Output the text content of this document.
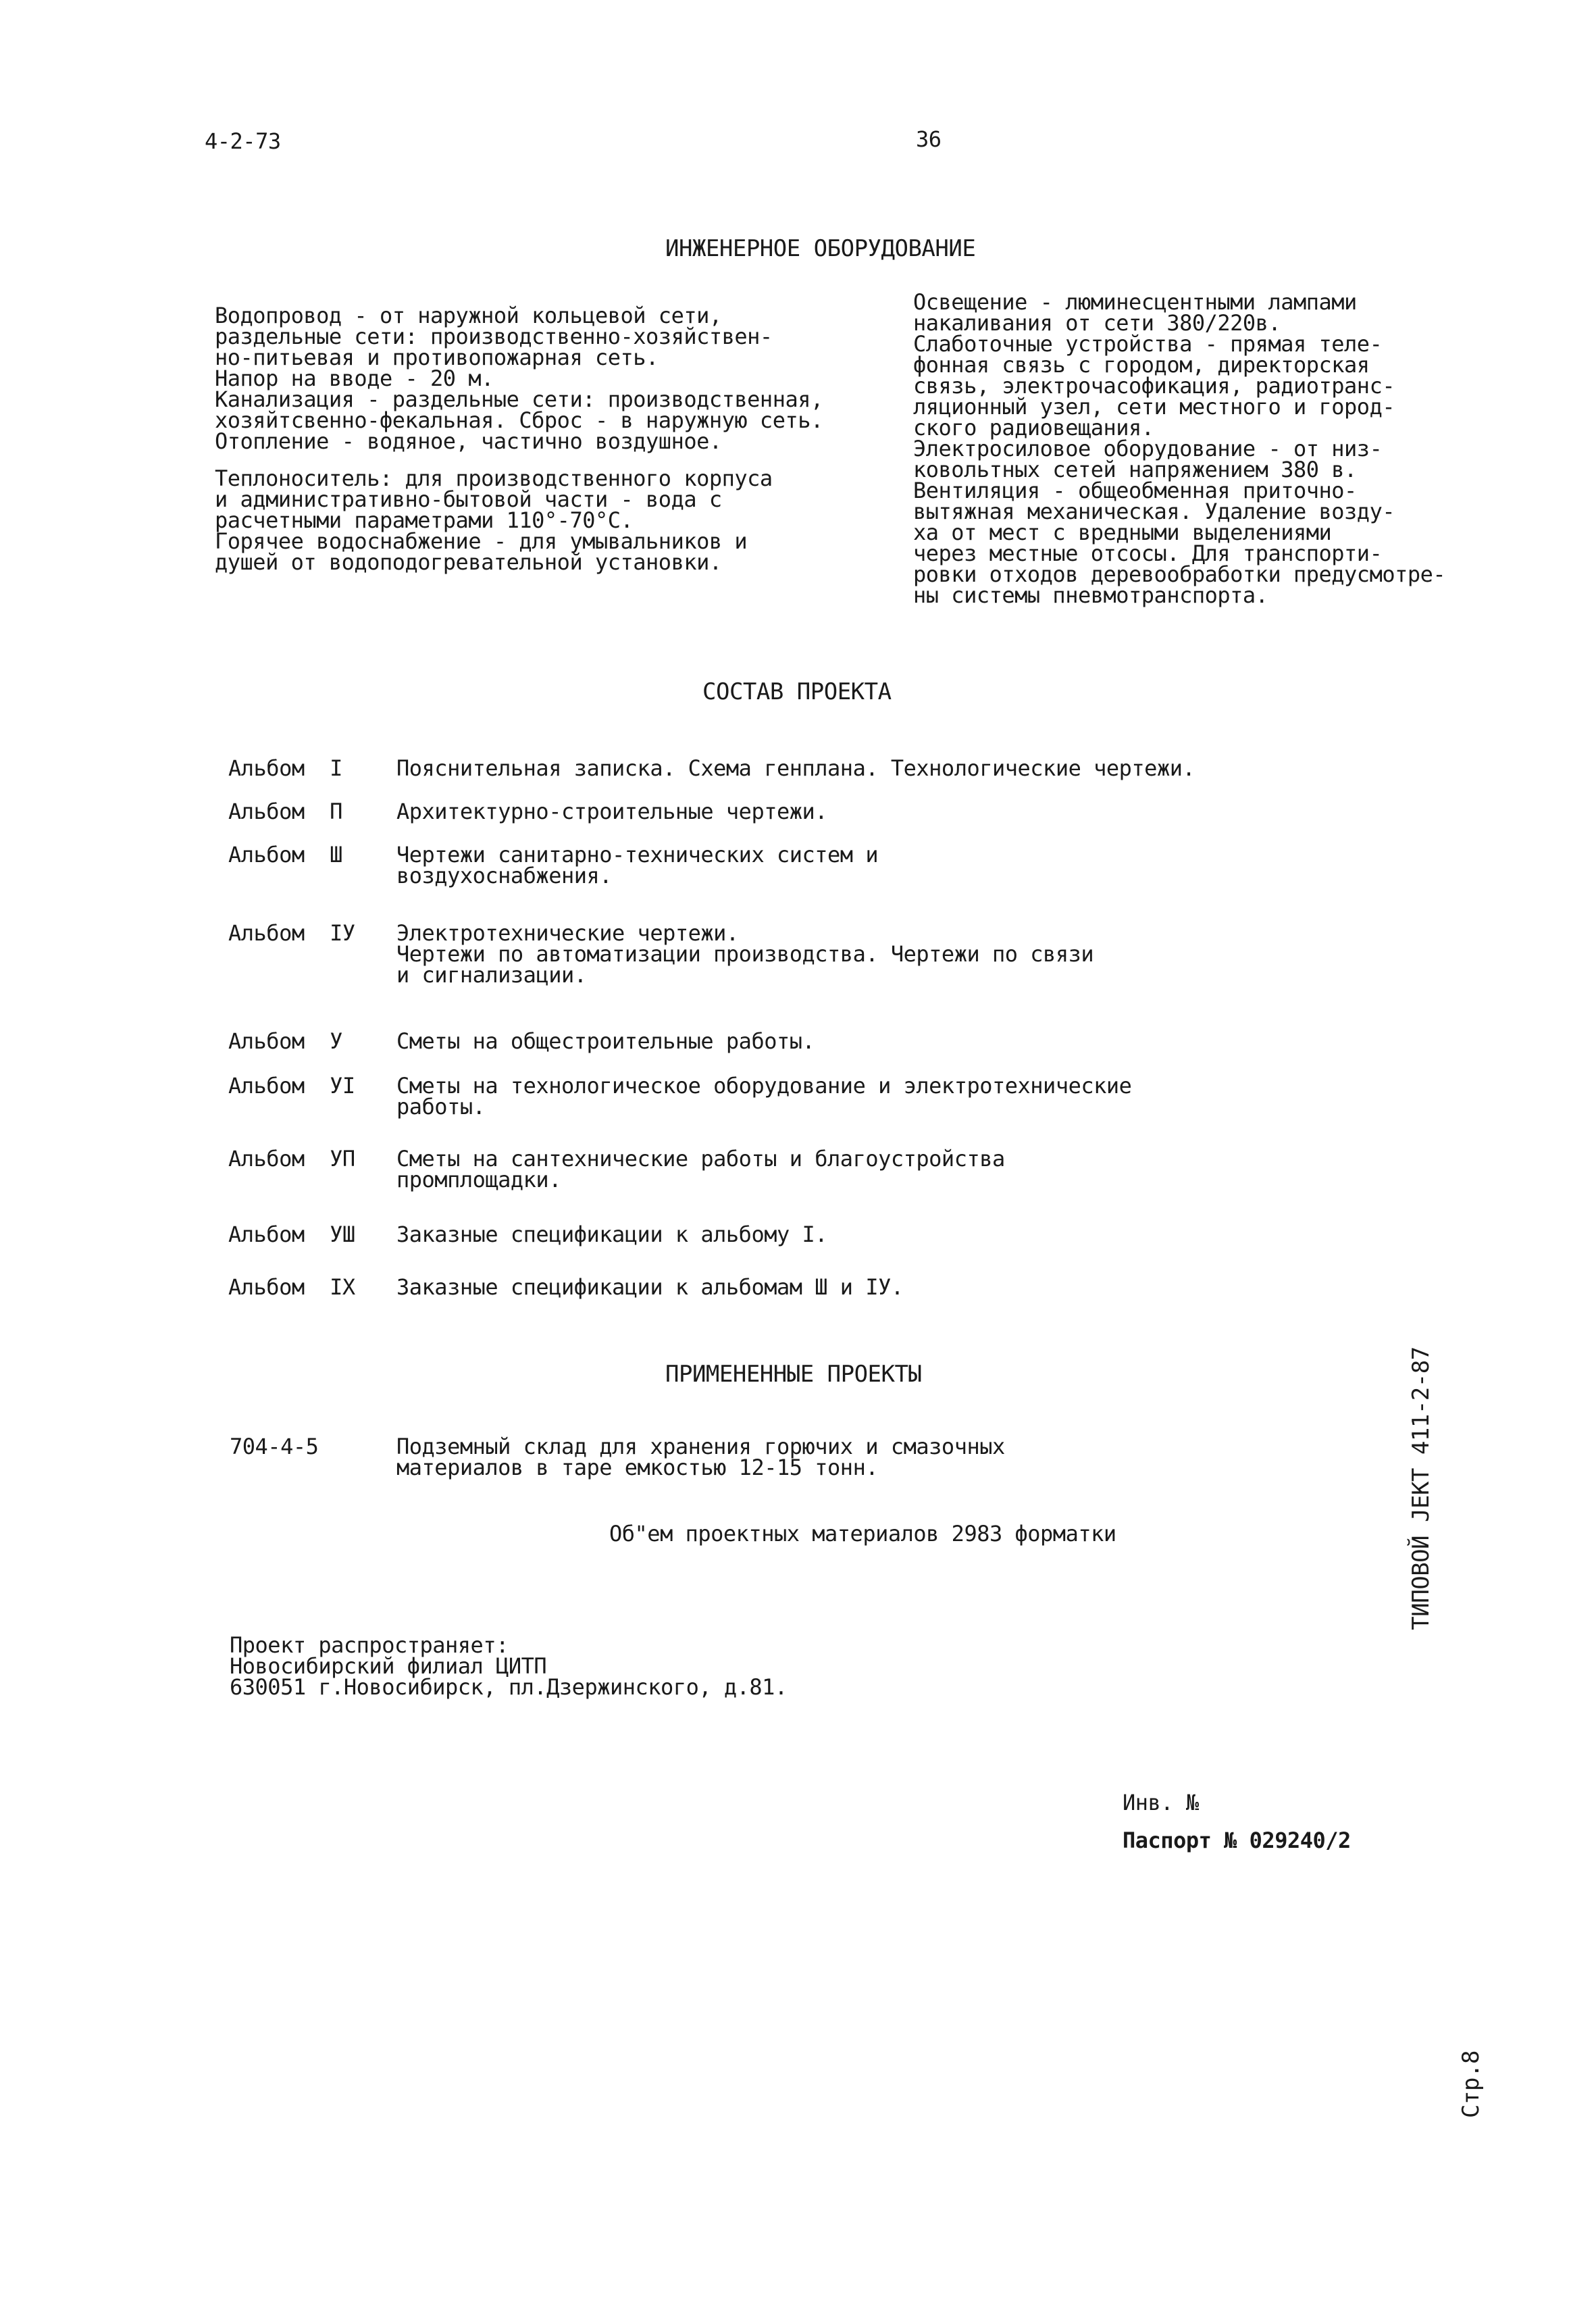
4-2-73	36
ИНЖЕНЕРНОЕ ОБОРУДОВАНИЕ
Водопровод - от наружной кольцевой сети,
раздельные сети: производственно-хозяйствен-
но-питьевая и противопожарная сеть.
Напор на вводе - 20 м.
Канализация - раздельные сети: производственная,
хозяйтсвенно-фекальная. Сброс - в наружную сеть.
Отопление - водяное, частично воздушное.
Теплоноситель: для производственного корпуса
и административно-бытовой части - вода с
расчетными параметрами 110°-70°С.
Горячее водоснабжение - для умывальников и
душей от водоподогревательной установки.
Освещение - люминесцентными лампами
накаливания от сети 380/220в.
Слаботочные устройства - прямая теле-
фонная связь с городом, директорская
связь, электрочасофикация, радиотранс-
ляционный узел, сети местного и город-
ского радиовещания.
Электросиловое оборудование - от низ-
ковольтных сетей напряжением 380 в.
Вентиляция - общеобменная приточно-
вытяжная механическая. Удаление возду-
ха от мест с вредными выделениями
через местные отсосы. Для транспорти-
ровки отходов деревообработки предусмотре-
ны системы пневмотранспорта.
СОСТАВ ПРОЕКТА
Альбом  I	Пояснительная записка. Схема генплана. Технологические чертежи.
Альбом  П	Архитектурно-строительные чертежи.
Альбом  Ш	Чертежи санитарно-технических систем и
воздухоснабжения.
Альбом  IУ Электротехнические чертежи.
Чертежи по автоматизации производства. Чертежи по связи
и сигнализации.
Альбом  У	Сметы на общестроительные работы.
Альбом  УI Сметы на технологическое оборудование и электротехнические
работы.
Альбом  УП Сметы на сантехнические работы и благоустройства
промплощадки.
Альбом  УШ Заказные спецификации к альбому I.
Альбом  IX Заказные спецификации к альбомам Ш и IУ.
ПРИМЕНЕННЫЕ ПРОЕКТЫ
704-4-5	Подземный склад для хранения горючих и смазочных
материалов в таре емкостью 12-15 тонн.
Об"ем проектных материалов 2983 форматки
Проект распространяет:
Новосибирский филиал ЦИТП
630051 г.Новосибирск, пл.Дзержинского, д.81.
Инв. №
Паспорт № 029240/2
ТИПОВОЙ ЈЕКТ 411-2-87
Стр.8
